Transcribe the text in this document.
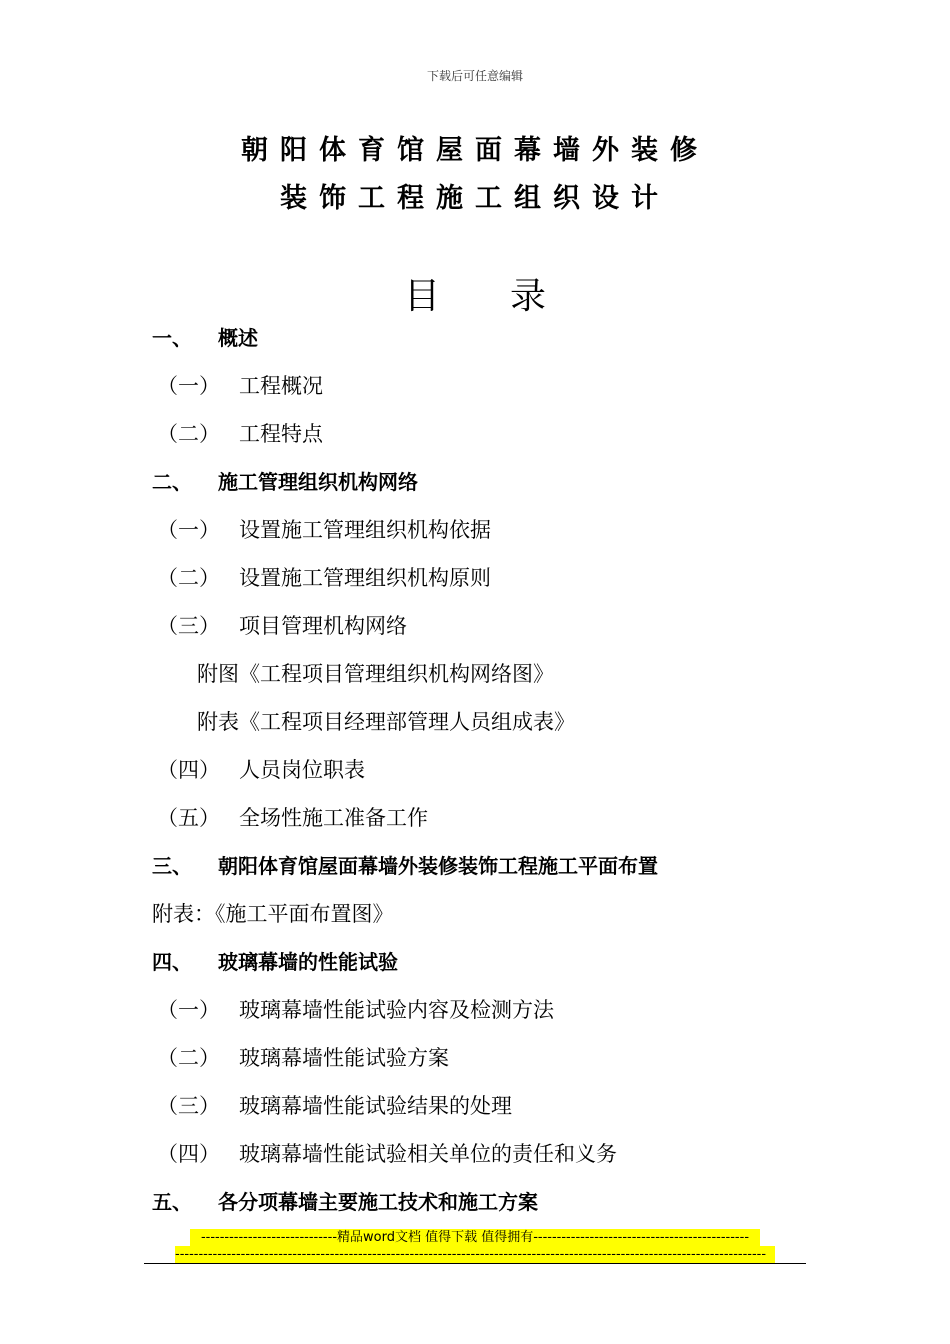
下载后可任意编辑
朝阳体育馆屋面幕墙外装修
装饰工程施工组织设计
目录
一、 概述
（一） 工程概况
（二） 工程特点
二、 施工管理组织机构网络
（一） 设置施工管理组织机构依据
（二） 设置施工管理组织机构原则
（三） 项目管理机构网络
附图《工程项目管理组织机构网络图》
附表《工程项目经理部管理人员组成表》
（四） 人员岗位职表
（五） 全场性施工准备工作
三、 朝阳体育馆屋面幕墙外装修装饰工程施工平面布置
附表：《施工平面布置图》
四、 玻璃幕墙的性能试验
（一） 玻璃幕墙性能试验内容及检测方法
（二） 玻璃幕墙性能试验方案
（三） 玻璃幕墙性能试验结果的处理
（四） 玻璃幕墙性能试验相关单位的责任和义务
五、 各分项幕墙主要施工技术和施工方案
-----------------------------精品word文档 值得下载 值得拥有----------------------------------------------
------------------------------------------------------------------------------------------------------------------------------
